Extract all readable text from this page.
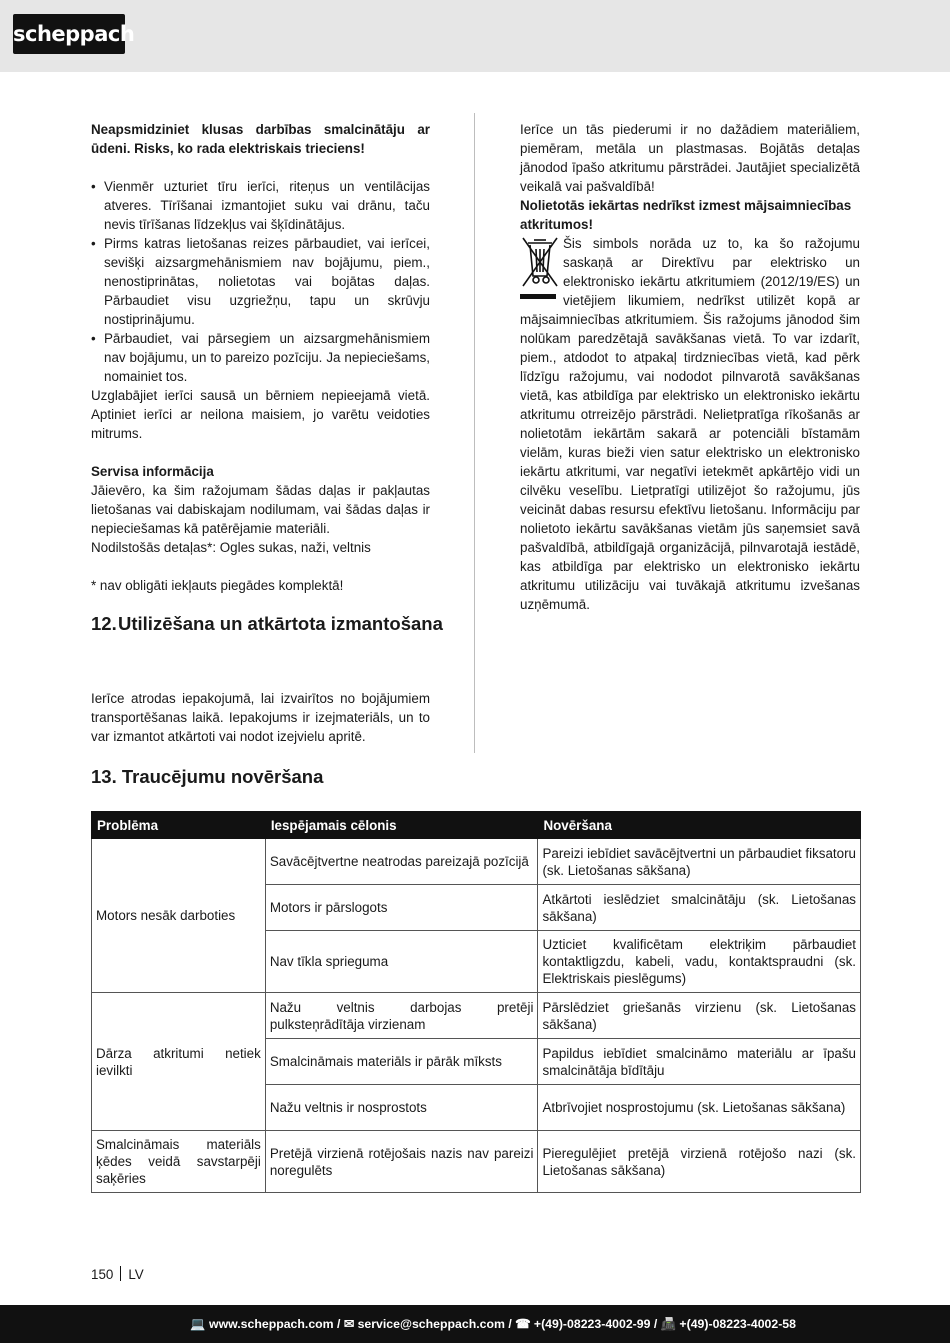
scheppach

Neapsmidziniet klusas darbības smalcinātāju ar ūdeni. Risks, ko rada elektriskais trieciens!

• Vienmēr uzturiet tīru ierīci, riteņus un ventilācijas atveres. Tīrīšanai izmantojiet suku vai drānu, taču nevis tīrīšanas līdzekļus vai šķīdinātājus.
• Pirms katras lietošanas reizes pārbaudiet, vai ierīcei, sevišķi aizsargmehānismiem nav bojājumu, piem., nenostiprinātas, nolietotas vai bojātas daļas. Pārbaudiet visu uzgriežņu, tapu un skrūvju nostiprinājumu.
• Pārbaudiet, vai pārsegiem un aizsargmehānismiem nav bojājumu, un to pareizo pozīciju. Ja nepieciešams, nomainiet tos.

Uzglabājiet ierīci sausā un bērniem nepieejamā vietā. Aptiniet ierīci ar neilona maisiem, jo varētu veidoties mitrums.

Servisa informācija

Jāievēro, ka šim ražojumam šādas daļas ir pakļautas lietošanas vai dabiskajam nodilumam, vai šādas daļas ir nepieciešamas kā patērējamie materiāli.

Nodilstošās detaļas*: Ogles sukas, naži, veltnis

* nav obligāti iekļauts piegādes komplektā!

12. Utilizēšana un atkārtota izmantošana

Ierīce atrodas iepakojumā, lai izvairītos no bojājumiem transportēšanas laikā. Iepakojums ir izejmateriāls, un to var izmantot atkārtoti vai nodot izejvielu apritē.

Ierīce un tās piederumi ir no dažādiem materiāliem, piemēram, metāla un plastmasas. Bojātās detaļas jānodod īpašo atkritumu pārstrādei. Jautājiet specializētā veikalā vai pašvaldībā!

Nolietotās iekārtas nedrīkst izmest mājsaimniecības atkritumos!

Šis simbols norāda uz to, ka šo ražojumu saskaņā ar Direktīvu par elektrisko un elektronisko iekārtu atkritumiem (2012/19/ES) un vietējiem likumiem, nedrīkst utilizēt kopā ar mājsaimniecības atkritumiem. Šis ražojums jānodod šim nolūkam paredzētajā savākšanas vietā. To var izdarīt, piem., atdodot to atpakaļ tirdzniecības vietā, kad pērk līdzīgu ražojumu, vai nododot pilnvarotā savākšanas vietā, kas atbildīga par elektrisko un elektronisko iekārtu atkritumu otrreizējo pārstrādi. Nelietpratīga rīkošanās ar nolietotām iekārtām sakarā ar potenciāli bīstamām vielām, kuras bieži vien satur elektrisko un elektronisko iekārtu atkritumi, var negatīvi ietekmēt apkārtējo vidi un cilvēku veselību. Lietpratīgi utilizējot šo ražojumu, jūs veicināt dabas resursu efektīvu lietošanu. Informāciju par nolietoto iekārtu savākšanas vietām jūs saņemsiet savā pašvaldībā, atbildīgajā organizācijā, pilnvarotajā iestādē, kas atbildīga par elektrisko un elektronisko iekārtu atkritumu utilizāciju vai tuvākajā atkritumu izvešanas uzņēmumā.

13. Traucējumu novēršana
Problēma	Iespējamais cēlonis	Novēršana
Motors nesāk darboties	Savācējtvertne neatrodas pareizajā pozīcijā	Pareizi iebīdiet savācējtvertni un pārbaudiet fiksatoru (sk. Lietošanas sākšana)
	Motors ir pārslogots	Atkārtoti ieslēdziet smalcinātāju (sk. Lietošanas sākšana)
	Nav tīkla sprieguma	Uzticiet kvalificētam elektriķim pārbaudiet kontaktligzdu, kabeli, vadu, kontaktspraudni (sk. Elektriskais pieslēgums)
Dārza atkritumi netiek ievilkti	Nažu veltnis darbojas pretēji pulksteņrādītāja virzienam	Pārslēdziet griešanās virzienu (sk. Lietošanas sākšana)
	Smalcināmais materiāls ir pārāk mīksts	Papildus iebīdiet smalcināmo materiālu ar īpašu smalcinātāja bīdītāju
	Nažu veltnis ir nosprostots	Atbrīvojiet nosprostojumu (sk. Lietošanas sākšana)
Smalcināmais materiāls ķēdes veidā savstarpēji saķēries	Pretējā virzienā rotējošais nazis nav pareizi noregulēts	Pieregulējiet pretējā virzienā rotējošo nazi (sk. Lietošanas sākšana)
150 LV
💻 www.scheppach.com / ✉ service@scheppach.com / ☎ +(49)-08223-4002-99 / 📠 +(49)-08223-4002-58
